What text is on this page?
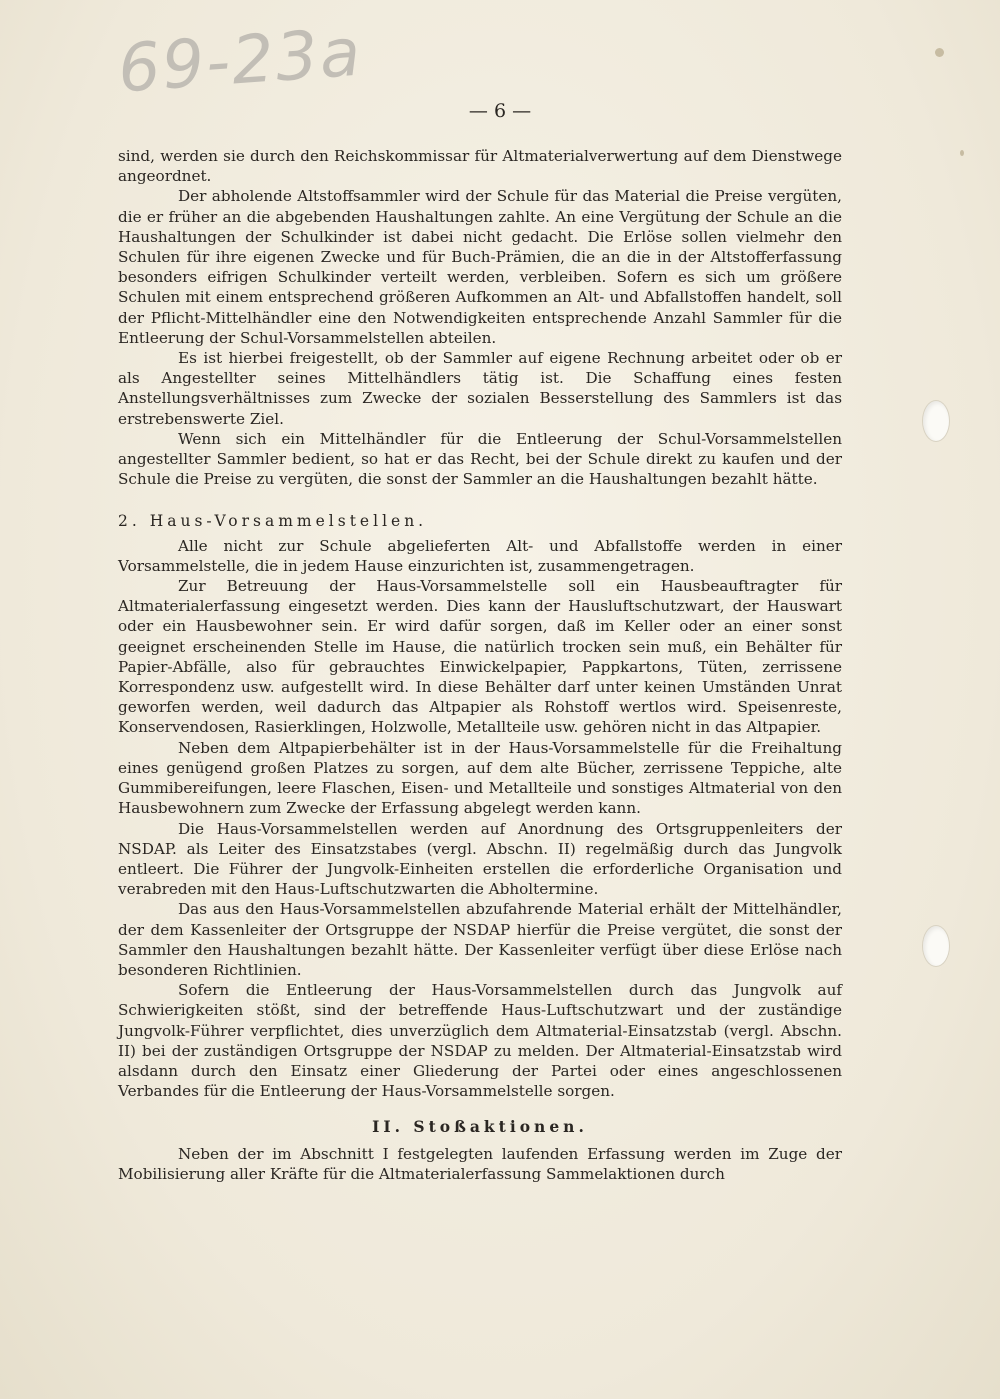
69-23a
— 6 —

sind, werden sie durch den Reichskommissar für Altmaterialverwertung auf dem Dienstwege angeordnet.

Der abholende Altstoffsammler wird der Schule für das Material die Preise vergüten, die er früher an die abgebenden Haushaltungen zahlte. An eine Vergütung der Schule an die Haushaltungen der Schulkinder ist dabei nicht gedacht. Die Erlöse sollen vielmehr den Schulen für ihre eigenen Zwecke und für Buch-Prämien, die an die in der Altstofferfassung besonders eifrigen Schulkinder verteilt werden, verbleiben. Sofern es sich um größere Schulen mit einem entsprechend größeren Aufkommen an Alt- und Abfallstoffen handelt, soll der Pflicht-Mittelhändler eine den Notwendigkeiten entsprechende Anzahl Sammler für die Entleerung der Schul-Vorsammelstellen abteilen.

Es ist hierbei freigestellt, ob der Sammler auf eigene Rechnung arbeitet oder ob er als Angestellter seines Mittelhändlers tätig ist. Die Schaffung eines festen Anstellungsverhältnisses zum Zwecke der sozialen Besserstellung des Sammlers ist das erstrebenswerte Ziel.

Wenn sich ein Mittelhändler für die Entleerung der Schul-Vorsammelstellen angestellter Sammler bedient, so hat er das Recht, bei der Schule direkt zu kaufen und der Schule die Preise zu vergüten, die sonst der Sammler an die Haushaltungen bezahlt hätte.

2. Haus-Vorsammelstellen.

Alle nicht zur Schule abgelieferten Alt- und Abfallstoffe werden in einer Vorsammelstelle, die in jedem Hause einzurichten ist, zusammengetragen.

Zur Betreuung der Haus-Vorsammelstelle soll ein Hausbeauftragter für Altmaterialerfassung eingesetzt werden. Dies kann der Hausluftschutzwart, der Hauswart oder ein Hausbewohner sein. Er wird dafür sorgen, daß im Keller oder an einer sonst geeignet erscheinenden Stelle im Hause, die natürlich trocken sein muß, ein Behälter für Papier-Abfälle, also für gebrauchtes Einwickelpapier, Pappkartons, Tüten, zerrissene Korrespondenz usw. aufgestellt wird. In diese Behälter darf unter keinen Umständen Unrat geworfen werden, weil dadurch das Altpapier als Rohstoff wertlos wird. Speisenreste, Konservendosen, Rasierklingen, Holzwolle, Metallteile usw. gehören nicht in das Altpapier.

Neben dem Altpapierbehälter ist in der Haus-Vorsammelstelle für die Freihaltung eines genügend großen Platzes zu sorgen, auf dem alte Bücher, zerrissene Teppiche, alte Gummibereifungen, leere Flaschen, Eisen- und Metallteile und sonstiges Altmaterial von den Hausbewohnern zum Zwecke der Erfassung abgelegt werden kann.

Die Haus-Vorsammelstellen werden auf Anordnung des Ortsgruppenleiters der NSDAP. als Leiter des Einsatzstabes (vergl. Abschn. II) regelmäßig durch das Jungvolk entleert. Die Führer der Jungvolk-Einheiten erstellen die erforderliche Organisation und verabreden mit den Haus-Luftschutzwarten die Abholtermine.

Das aus den Haus-Vorsammelstellen abzufahrende Material erhält der Mittelhändler, der dem Kassenleiter der Ortsgruppe der NSDAP hierfür die Preise vergütet, die sonst der Sammler den Haushaltungen bezahlt hätte. Der Kassenleiter verfügt über diese Erlöse nach besonderen Richtlinien.

Sofern die Entleerung der Haus-Vorsammelstellen durch das Jungvolk auf Schwierigkeiten stößt, sind der betreffende Haus-Luftschutzwart und der zuständige Jungvolk-Führer verpflichtet, dies unverzüglich dem Altmaterial-Einsatzstab (vergl. Abschn. II) bei der zuständigen Ortsgruppe der NSDAP zu melden. Der Altmaterial-Einsatzstab wird alsdann durch den Einsatz einer Gliederung der Partei oder eines angeschlossenen Verbandes für die Entleerung der Haus-Vorsammelstelle sorgen.

II. Stoßaktionen.

Neben der im Abschnitt I festgelegten laufenden Erfassung werden im Zuge der Mobilisierung aller Kräfte für die Altmaterialerfassung Sammelaktionen durch
